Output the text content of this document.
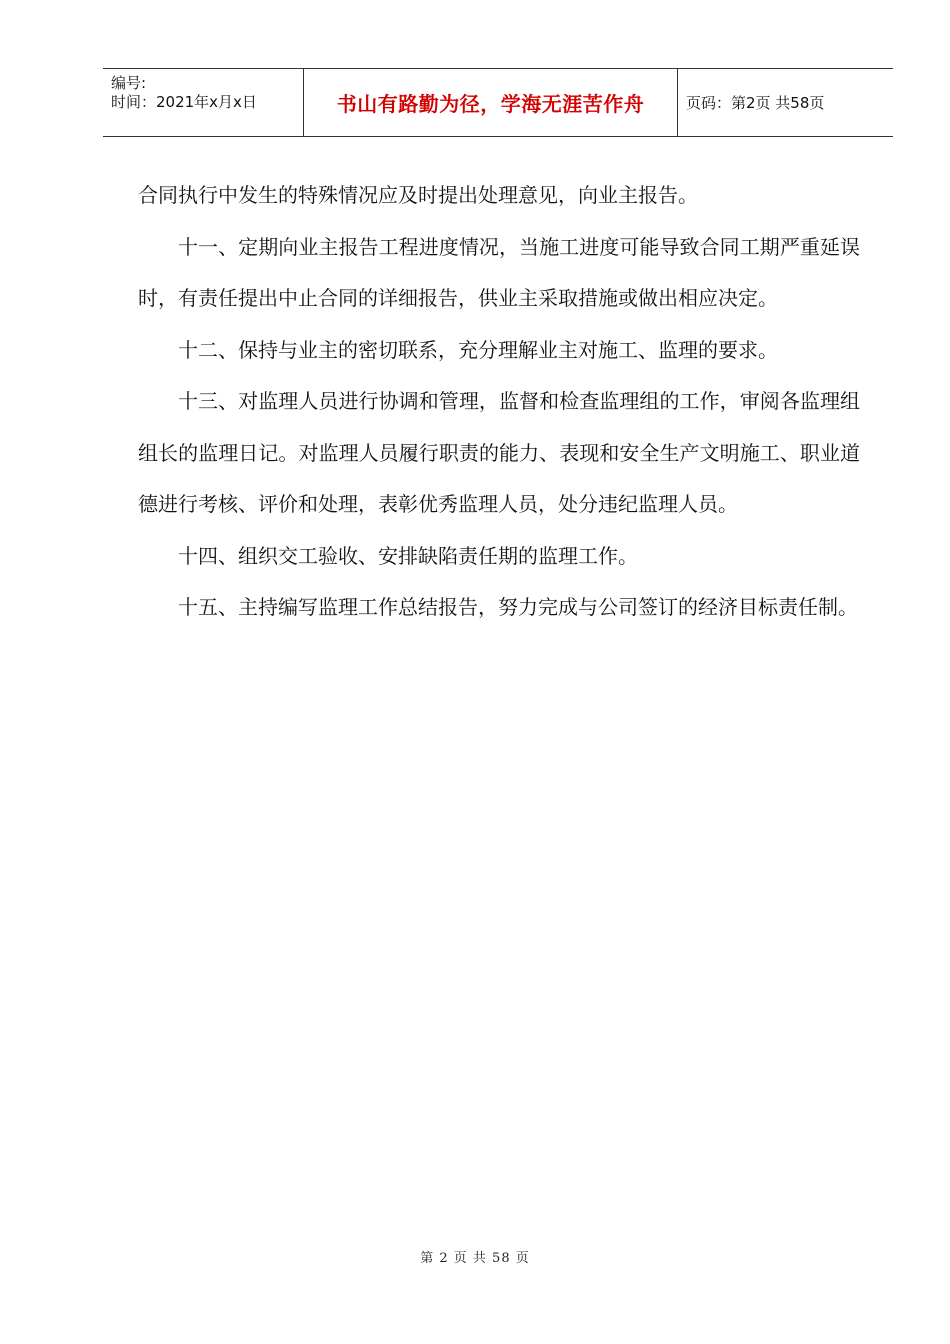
编号:
时间：2021年x月x日	书山有路勤为径，学海无涯苦作舟	页码：第2页 共58页

合同执行中发生的特殊情况应及时提出处理意见，向业主报告。

十一、定期向业主报告工程进度情况，当施工进度可能导致合同工期严重延误时，有责任提出中止合同的详细报告，供业主采取措施或做出相应决定。

十二、保持与业主的密切联系，充分理解业主对施工、监理的要求。

十三、对监理人员进行协调和管理，监督和检查监理组的工作，审阅各监理组组长的监理日记。对监理人员履行职责的能力、表现和安全生产文明施工、职业道德进行考核、评价和处理，表彰优秀监理人员，处分违纪监理人员。

十四、组织交工验收、安排缺陷责任期的监理工作。

十五、主持编写监理工作总结报告，努力完成与公司签订的经济目标责任制。

第 2 页 共 58 页
